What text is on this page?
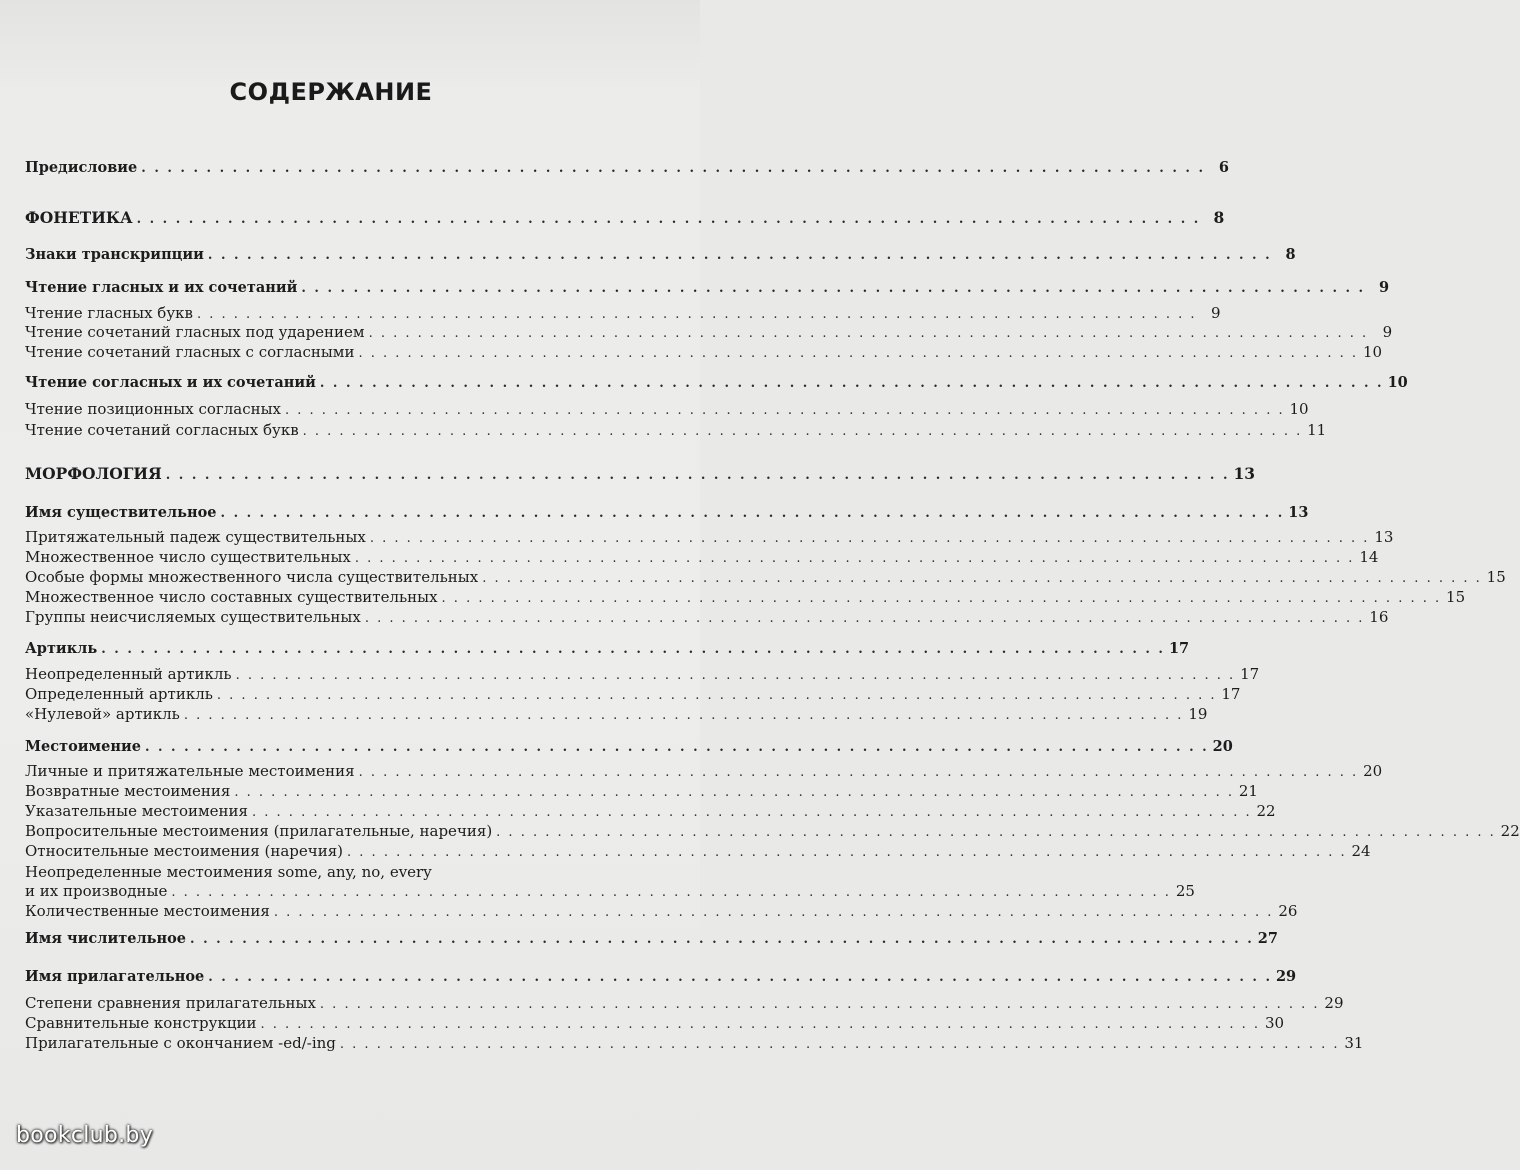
СОДЕРЖАНИЕ
Предисловие . . . . . . . . . . . . . . . . . . . . . . . . . . . . . . . . . . . . . . . . . . . . . . . . . . . . . . . . . . . . . . . . . . . . . . . . . . . . . . . . . . 6
ФОНЕТИКА . . . . . . . . . . . . . . . . . . . . . . . . . . . . . . . . . . . . . . . . . . . . . . . . . . . . . . . . . . . . . . . . . . . . . . . . . . . . . . . . . . 8
Знаки транскрипции . . . . . . . . . . . . . . . . . . . . . . . . . . . . . . . . . . . . . . . . . . . . . . . . . . . . . . . . . . . . . . . . . . . . . . . . . . . . . . . . . . 8
Чтение гласных и их сочетаний . . . . . . . . . . . . . . . . . . . . . . . . . . . . . . . . . . . . . . . . . . . . . . . . . . . . . . . . . . . . . . . . . . . . . . . . . . . . . . . . . . 9
Чтение гласных букв . . . . . . . . . . . . . . . . . . . . . . . . . . . . . . . . . . . . . . . . . . . . . . . . . . . . . . . . . . . . . . . . . . . . . . . . . . . . . . . . . . 9
Чтение сочетаний гласных под ударением . . . . . . . . . . . . . . . . . . . . . . . . . . . . . . . . . . . . . . . . . . . . . . . . . . . . . . . . . . . . . . . . . . . . . . . . . . . . . . . . . . 9
Чтение сочетаний гласных с согласными . . . . . . . . . . . . . . . . . . . . . . . . . . . . . . . . . . . . . . . . . . . . . . . . . . . . . . . . . . . . . . . . . . . . . . . . . . . . . . . . . . 10
Чтение согласных и их сочетаний . . . . . . . . . . . . . . . . . . . . . . . . . . . . . . . . . . . . . . . . . . . . . . . . . . . . . . . . . . . . . . . . . . . . . . . . . . . . . . . . . . 10
Чтение позиционных согласных . . . . . . . . . . . . . . . . . . . . . . . . . . . . . . . . . . . . . . . . . . . . . . . . . . . . . . . . . . . . . . . . . . . . . . . . . . . . . . . . . . 10
Чтение сочетаний согласных букв . . . . . . . . . . . . . . . . . . . . . . . . . . . . . . . . . . . . . . . . . . . . . . . . . . . . . . . . . . . . . . . . . . . . . . . . . . . . . . . . . . 11
МОРФОЛОГИЯ . . . . . . . . . . . . . . . . . . . . . . . . . . . . . . . . . . . . . . . . . . . . . . . . . . . . . . . . . . . . . . . . . . . . . . . . . . . . . . . . . . 13
Имя существительное . . . . . . . . . . . . . . . . . . . . . . . . . . . . . . . . . . . . . . . . . . . . . . . . . . . . . . . . . . . . . . . . . . . . . . . . . . . . . . . . . . 13
Притяжательный падеж существительных . . . . . . . . . . . . . . . . . . . . . . . . . . . . . . . . . . . . . . . . . . . . . . . . . . . . . . . . . . . . . . . . . . . . . . . . . . . . . . . . . . 13
Множественное число существительных . . . . . . . . . . . . . . . . . . . . . . . . . . . . . . . . . . . . . . . . . . . . . . . . . . . . . . . . . . . . . . . . . . . . . . . . . . . . . . . . . . 14
Особые формы множественного числа существительных . . . . . . . . . . . . . . . . . . . . . . . . . . . . . . . . . . . . . . . . . . . . . . . . . . . . . . . . . . . . . . . . . . . . . . . . . . . . . . . . . . 15
Множественное число составных существительных . . . . . . . . . . . . . . . . . . . . . . . . . . . . . . . . . . . . . . . . . . . . . . . . . . . . . . . . . . . . . . . . . . . . . . . . . . . . . . . . . . 15
Группы неисчисляемых существительных . . . . . . . . . . . . . . . . . . . . . . . . . . . . . . . . . . . . . . . . . . . . . . . . . . . . . . . . . . . . . . . . . . . . . . . . . . . . . . . . . . 16
Артикль . . . . . . . . . . . . . . . . . . . . . . . . . . . . . . . . . . . . . . . . . . . . . . . . . . . . . . . . . . . . . . . . . . . . . . . . . . . . . . . . . . 17
Неопределенный артикль . . . . . . . . . . . . . . . . . . . . . . . . . . . . . . . . . . . . . . . . . . . . . . . . . . . . . . . . . . . . . . . . . . . . . . . . . . . . . . . . . . 17
Определенный артикль . . . . . . . . . . . . . . . . . . . . . . . . . . . . . . . . . . . . . . . . . . . . . . . . . . . . . . . . . . . . . . . . . . . . . . . . . . . . . . . . . . 17
«Нулевой» артикль . . . . . . . . . . . . . . . . . . . . . . . . . . . . . . . . . . . . . . . . . . . . . . . . . . . . . . . . . . . . . . . . . . . . . . . . . . . . . . . . . . 19
Местоимение . . . . . . . . . . . . . . . . . . . . . . . . . . . . . . . . . . . . . . . . . . . . . . . . . . . . . . . . . . . . . . . . . . . . . . . . . . . . . . . . . . 20
Личные и притяжательные местоимения . . . . . . . . . . . . . . . . . . . . . . . . . . . . . . . . . . . . . . . . . . . . . . . . . . . . . . . . . . . . . . . . . . . . . . . . . . . . . . . . . . 20
Возвратные местоимения . . . . . . . . . . . . . . . . . . . . . . . . . . . . . . . . . . . . . . . . . . . . . . . . . . . . . . . . . . . . . . . . . . . . . . . . . . . . . . . . . . 21
Указательные местоимения . . . . . . . . . . . . . . . . . . . . . . . . . . . . . . . . . . . . . . . . . . . . . . . . . . . . . . . . . . . . . . . . . . . . . . . . . . . . . . . . . . 22
Вопросительные местоимения (прилагательные, наречия) . . . . . . . . . . . . . . . . . . . . . . . . . . . . . . . . . . . . . . . . . . . . . . . . . . . . . . . . . . . . . . . . . . . . . . . . . . . . . . . . . . 22
Относительные местоимения (наречия) . . . . . . . . . . . . . . . . . . . . . . . . . . . . . . . . . . . . . . . . . . . . . . . . . . . . . . . . . . . . . . . . . . . . . . . . . . . . . . . . . . 24
Неопределенные местоимения some, any, no, every
и их производные . . . . . . . . . . . . . . . . . . . . . . . . . . . . . . . . . . . . . . . . . . . . . . . . . . . . . . . . . . . . . . . . . . . . . . . . . . . . . . . . . . 25
Количественные местоимения . . . . . . . . . . . . . . . . . . . . . . . . . . . . . . . . . . . . . . . . . . . . . . . . . . . . . . . . . . . . . . . . . . . . . . . . . . . . . . . . . . 26
Имя числительное . . . . . . . . . . . . . . . . . . . . . . . . . . . . . . . . . . . . . . . . . . . . . . . . . . . . . . . . . . . . . . . . . . . . . . . . . . . . . . . . . . 27
Имя прилагательное . . . . . . . . . . . . . . . . . . . . . . . . . . . . . . . . . . . . . . . . . . . . . . . . . . . . . . . . . . . . . . . . . . . . . . . . . . . . . . . . . . 29
Степени сравнения прилагательных . . . . . . . . . . . . . . . . . . . . . . . . . . . . . . . . . . . . . . . . . . . . . . . . . . . . . . . . . . . . . . . . . . . . . . . . . . . . . . . . . . 29
Сравнительные конструкции . . . . . . . . . . . . . . . . . . . . . . . . . . . . . . . . . . . . . . . . . . . . . . . . . . . . . . . . . . . . . . . . . . . . . . . . . . . . . . . . . . 30
Прилагательные с окончанием -ed/-ing . . . . . . . . . . . . . . . . . . . . . . . . . . . . . . . . . . . . . . . . . . . . . . . . . . . . . . . . . . . . . . . . . . . . . . . . . . . . . . . . . . 31
bookclub.by
